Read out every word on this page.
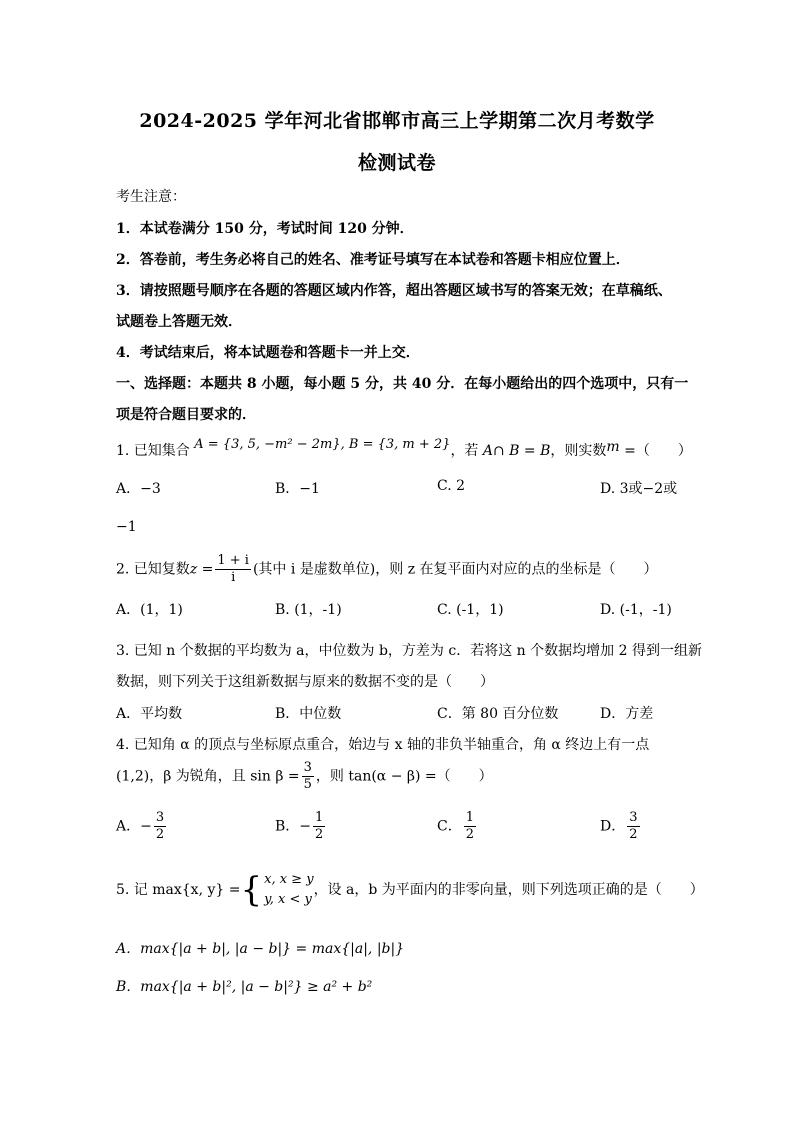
2024-2025 学年河北省邯郸市高三上学期第二次月考数学
检测试卷
考生注意：
1．本试卷满分 150 分，考试时间 120 分钟．
2．答卷前，考生务必将自己的姓名、准考证号填写在本试卷和答题卡相应位置上．
3．请按照题号顺序在各题的答题区域内作答，超出答题区域书写的答案无效；在草稿纸、
试题卷上答题无效．
4．考试结束后，将本试题卷和答题卡一并上交．
一、选择题：本题共 8 小题，每小题 5 分，共 40 分．在每小题给出的四个选项中，只有一
项是符合题目要求的．
1. 已知集合 A = {3, 5, −m² − 2m}, B = {3, m + 2}，若 A∩ B = B，则实数m =（　　）
A．−3	B．−1	C. 2	D. 3或−2或
−1
2. 已知复数$z = \frac{1 + i}{i}$ (其中 i 是虚数单位)，则 z 在复平面内对应的点的坐标是（　　）
A．(1，1)	B. (1，-1)	C. (-1，1)	D. (-1，-1)
3. 已知 n 个数据的平均数为 a，中位数为 b，方差为 c．若将这 n 个数据均增加 2 得到一组新
数据，则下列关于这组新数据与原来的数据不变的是（　　）
A．平均数	B．中位数	C．第 80 百分位数	D．方差
4. 已知角 α 的顶点与坐标原点重合，始边与 x 轴的非负半轴重合，角 α 终边上有一点
(1,2)，β 为锐角，且 $\sin \beta = \frac{3}{5}$ ，则 tan(α − β) =（　　）
A．− $\frac{3}{2}$	B．− $\frac{1}{2}$	C． $\frac{1}{2}$	D． $\frac{3}{2}$
5. 记 max{x, y} ={ x, x ≥ y
y, x < y
，设 a，b 为平面内的非零向量，则下列选项正确的是（　　）
A．max{|a + b|, |a − b|} = max{|a|, |b|}
B．max{|a + b|², |a − b|²} ≥ a² + b²
